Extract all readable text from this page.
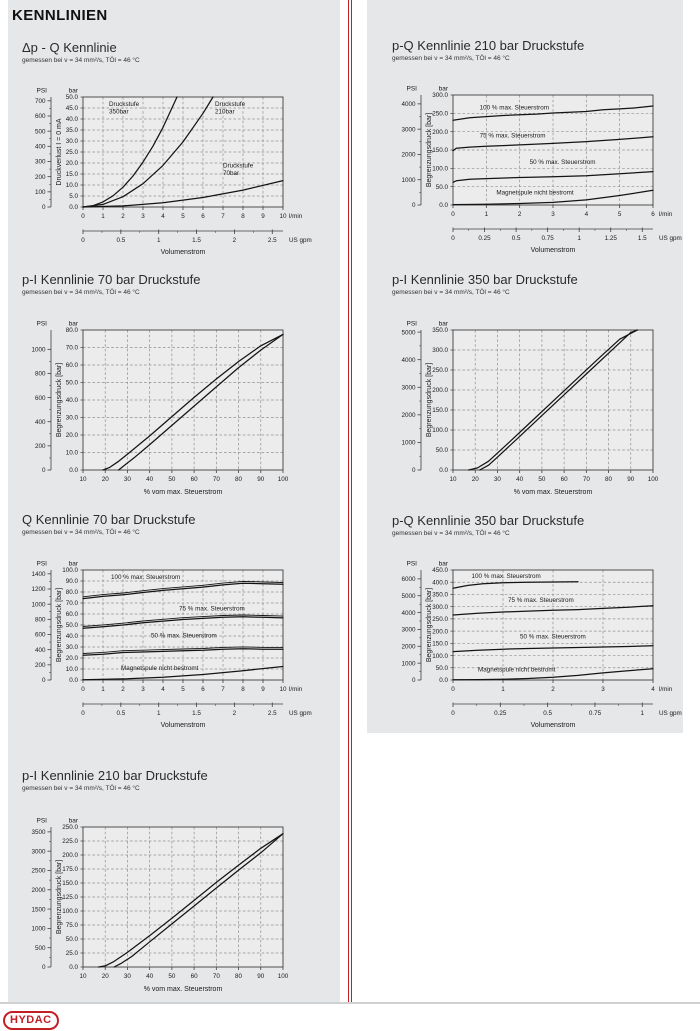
KENNLINIEN
Δp - Q Kennlinie
gemessen bei ν = 34 mm²/s, TÖl = 46 °C
PSI	bar
0.0
5.0
10.0
15.0
20.0
25.0
30.0
35.0
40.0
45.0
50.0
0
100
200
300
400
500
600
700
0	1	2	3	4	5	6	7	8	9 10 l/min
0	0.5	1	1.5	2	2.5 US gpm
Volumenstrom
Druckverlust I = 0 mA
Druckstufe
350bar
Druckstufe
210bar
Druckstufe
70bar
p-Q Kennlinie 210 bar Druckstufe
gemessen bei ν = 34 mm²/s, TÖl = 46 °C
PSI	bar
0.0
50.0
100.0
150.0
200.0
250.0
300.0
0
1000
2000
3000
4000
0	1	2	3	4	5	6 l/min
0	0.25	0.5	0.75	1	1.25	1.5 US gpm
Volumenstrom
Begrenzungsdruck [bar]
100 % max. Steuerstrom
75 % max. Steuerstrom
50 % max. Steuerstrom
Magnetspule nicht bestromt
p-I Kennlinie 70 bar Druckstufe
gemessen bei ν = 34 mm²/s, TÖl = 46 °C
PSI	bar
0.0
10.0
20.0
30.0
40.0
50.0
60.0
70.0
80.0
0
200
400
600
800
1000
10 20 30 40 50 60 70 80 90 100
% vom max. Steuerstrom
Begrenzungsdruck [bar]
p-I Kennlinie 350 bar Druckstufe
gemessen bei ν = 34 mm²/s, TÖl = 46 °C
PSI	bar
0.0
50.0
100.0
150.0
200.0
250.0
300.0
350.0
0
1000
2000
3000
4000
5000
10 20 30 40 50 60 70 80 90 100
% vom max. Steuerstrom
Begrenzungsdruck [bar]
Q Kennlinie 70 bar Druckstufe
gemessen bei ν = 34 mm²/s, TÖl = 46 °C
PSI	bar
0.0
10.0
20.0
30.0
40.0
50.0
60.0
70.0
80.0
90.0
100.0
0
200
400
600
800
1000
1200
1400
0	1	2	3	4	5	6	7	8	9 10 l/min
0	0.5	1	1.5	2	2.5 US gpm
Volumenstrom
Begrenzungsdruck [bar]
100 % max. Steuerstrom
75 % max. Steuerstrom
50 % max. Steuerstrom
Magnetspule nicht bestromt
p-Q Kennlinie 350 bar Druckstufe
gemessen bei ν = 34 mm²/s, TÖl = 46 °C
PSI	bar
0.0
50.0
100.0
150.0
200.0
250.0
300.0
350.0
400.0
450.0
0
1000
2000
3000
4000
5000
6000
0	1	2	3	4 l/min
0	0.25	0.5	0.75	1 US gpm
Volumenstrom
Begrenzungsdruck [bar]
100 % max. Steuerstrom
75 % max. Steuerstrom
50 % max. Steuerstrom
Magnetspule nicht bestromt
p-I Kennlinie 210 bar Druckstufe
gemessen bei ν = 34 mm²/s, TÖl = 46 °C
PSI	bar
0.0
25.0
50.0
75.0
100.0
125.0
150.0
175.0
200.0
225.0
250.0
0
500
1000
1500
2000
2500
3000
3500
10 20 30 40 50 60 70 80 90 100
% vom max. Steuerstrom
Begrenzungsdruck [bar]
HYDAC
